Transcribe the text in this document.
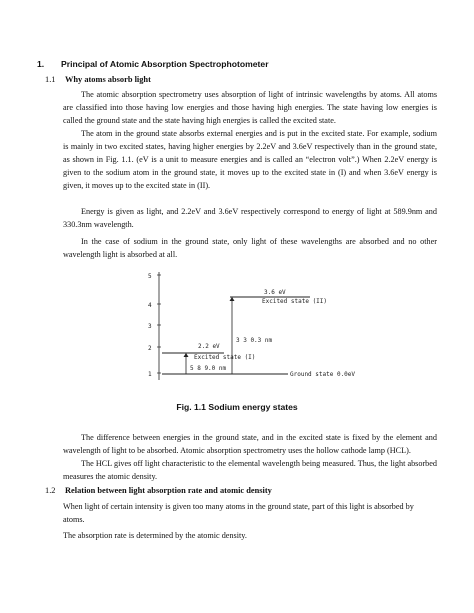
1. Principal of Atomic Absorption Spectrophotometer
1.1 Why atoms absorb light

The atomic absorption spectrometry uses absorption of light of intrinsic wavelengths by atoms. All atoms are classified into those having low energies and those having high energies. The state having low energies is called the ground state and the state having high energies is called the excited state.

The atom in the ground state absorbs external energies and is put in the excited state. For example, sodium is mainly in two excited states, having higher energies by 2.2eV and 3.6eV respectively than in the ground state, as shown in Fig. 1.1. (eV is a unit to measure energies and is called an “electron volt”.) When 2.2eV energy is given to the sodium atom in the ground state, it moves up to the excited state in (I) and when 3.6eV energy is given, it moves up to the excited state in (II).

Energy is given as light, and 2.2eV and 3.6eV respectively correspond to energy of light at 589.9nm and 330.3nm wavelength.

In the case of sodium in the ground state, only light of these wavelengths are absorbed and no other wavelength light is absorbed at all.

5
4
3
2
1	Ground state 0.0eV
2.2 eV
Excited state (I)
3.6 eV
Excited state (II)
5 8 9.0 nm
3 3 0.3 nm
Fig. 1.1 Sodium energy states

The difference between energies in the ground state, and in the excited state is fixed by the element and wavelength of light to be absorbed. Atomic absorption spectrometry uses the hollow cathode lamp (HCL).

The HCL gives off light characteristic to the elemental wavelength being measured. Thus, the light absorbed measures the atomic density.

1.2 Relation between light absorption rate and atomic density

When light of certain intensity is given too many atoms in the ground state, part of this light is absorbed by atoms.

The absorption rate is determined by the atomic density.
